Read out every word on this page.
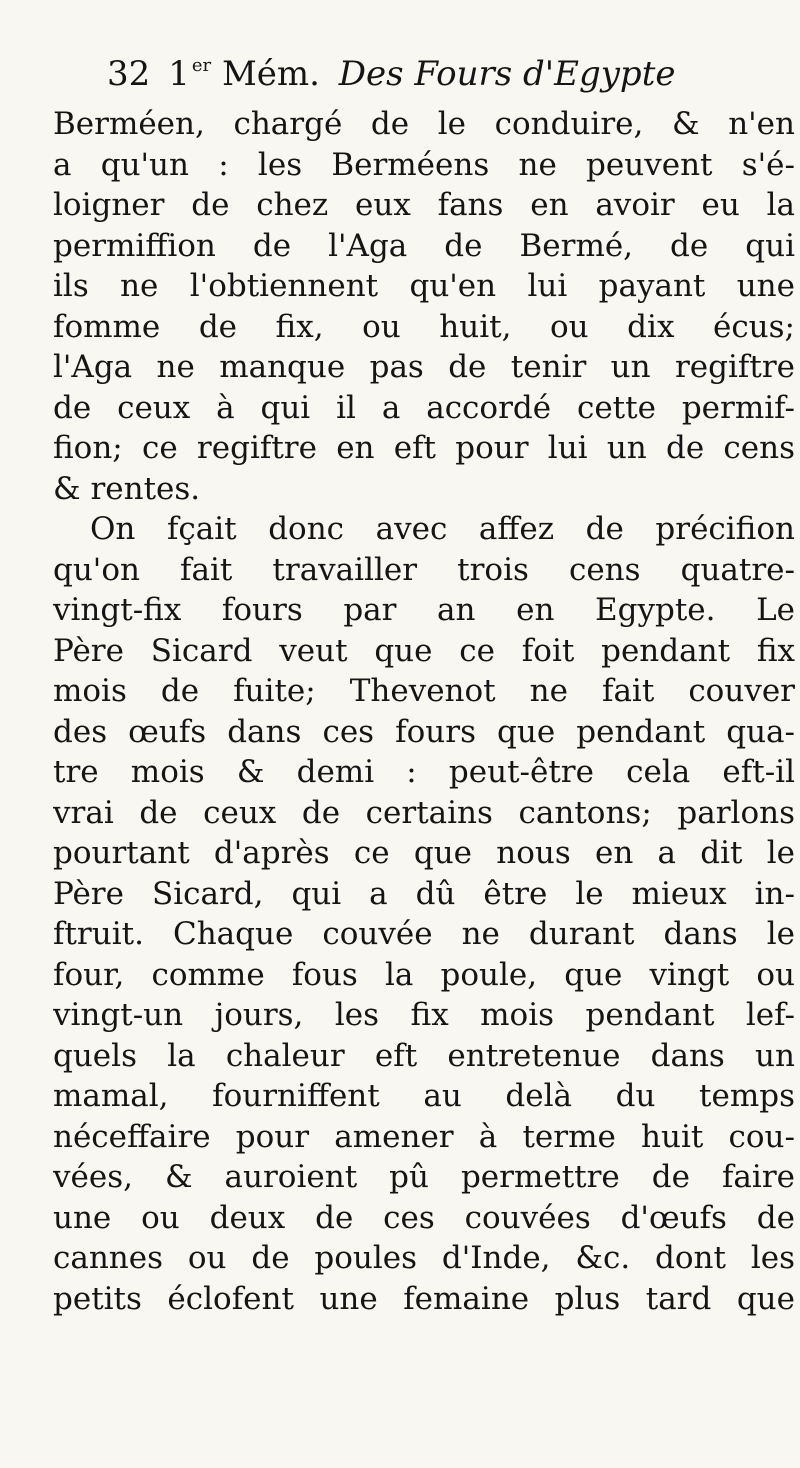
32 1 $^{er}$ Mém. Des Fours d'Egypte
Berméen, chargé de le conduire, & n'en
a qu'un : les Berméens ne peuvent s'é-
loigner de chez eux fans en avoir eu la
permiffion de l'Aga de Bermé, de qui
ils ne l'obtiennent qu'en lui payant une
fomme de fix, ou huit, ou dix écus;
l'Aga ne manque pas de tenir un regiftre
de ceux à qui il a accordé cette permif-
fion; ce regiftre en eft pour lui un de cens
& rentes.
On fçait donc avec affez de précifion
qu'on fait travailler trois cens quatre-
vingt-fix fours par an en Egypte. Le
Père Sicard veut que ce foit pendant fix
mois de fuite; Thevenot ne fait couver
des œufs dans ces fours que pendant qua-
tre mois & demi : peut-être cela eft-il
vrai de ceux de certains cantons; parlons
pourtant d'après ce que nous en a dit le
Père Sicard, qui a dû être le mieux in-
ftruit. Chaque couvée ne durant dans le
four, comme fous la poule, que vingt ou
vingt-un jours, les fix mois pendant lef-
quels la chaleur eft entretenue dans un
mamal, fourniffent au delà du temps
néceffaire pour amener à terme huit cou-
vées, & auroient pû permettre de faire
une ou deux de ces couvées d'œufs de
cannes ou de poules d'Inde, &c. dont les
petits éclofent une femaine plus tard que
